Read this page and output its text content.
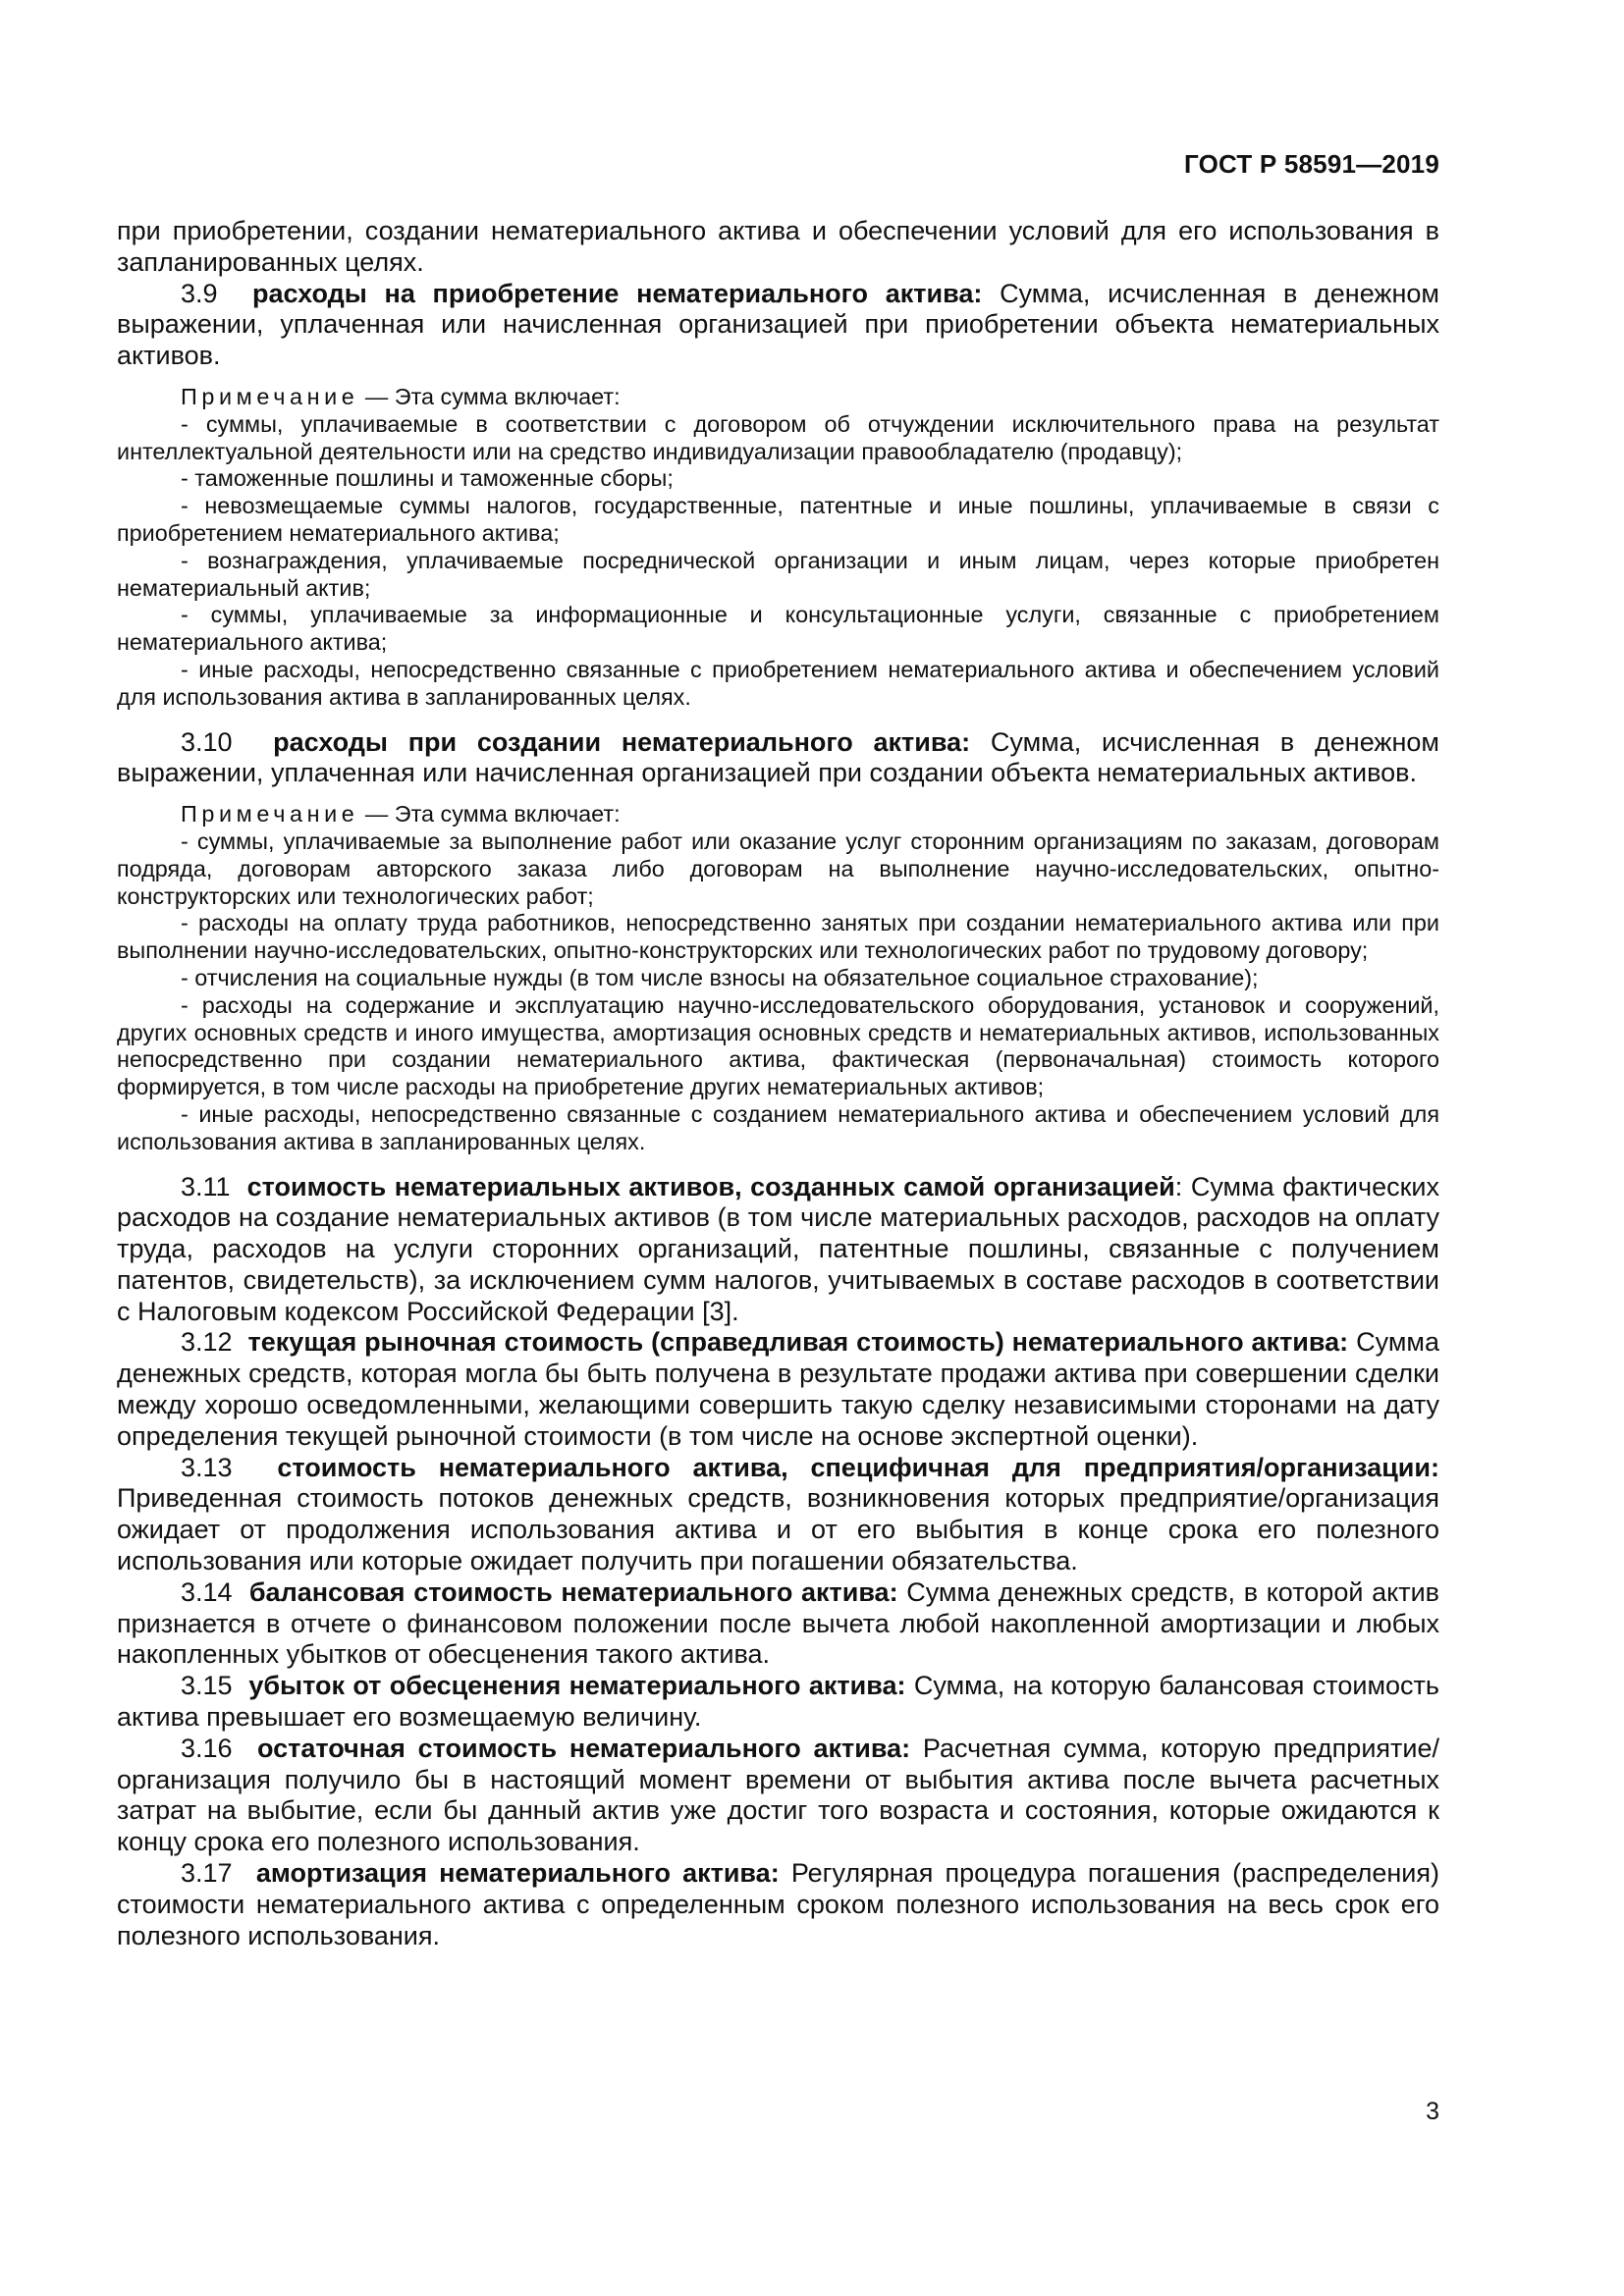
ГОСТ Р 58591—2019

при приобретении, создании нематериального актива и обеспечении условий для его использования в запланированных целях.

3.9 расходы на приобретение нематериального актива: Сумма, исчисленная в денежном выражении, уплаченная или начисленная организацией при приобретении объекта нематериальных активов.

Примечание — Эта сумма включает:
- суммы, уплачиваемые в соответствии с договором об отчуждении исключительного права на результат интеллектуальной деятельности или на средство индивидуализации правообладателю (продавцу);
- таможенные пошлины и таможенные сборы;
- невозмещаемые суммы налогов, государственные, патентные и иные пошлины, уплачиваемые в связи с приобретением нематериального актива;
- вознаграждения, уплачиваемые посреднической организации и иным лицам, через которые приобретен нематериальный актив;
- суммы, уплачиваемые за информационные и консультационные услуги, связанные с приобретением нематериального актива;
- иные расходы, непосредственно связанные с приобретением нематериального актива и обеспечением условий для использования актива в запланированных целях.

3.10 расходы при создании нематериального актива: Сумма, исчисленная в денежном выражении, уплаченная или начисленная организацией при создании объекта нематериальных активов.

Примечание — Эта сумма включает:
- суммы, уплачиваемые за выполнение работ или оказание услуг сторонним организациям по заказам, договорам подряда, договорам авторского заказа либо договорам на выполнение научно-исследовательских, опытно-конструкторских или технологических работ;
- расходы на оплату труда работников, непосредственно занятых при создании нематериального актива или при выполнении научно-исследовательских, опытно-конструкторских или технологических работ по трудовому договору;
- отчисления на социальные нужды (в том числе взносы на обязательное социальное страхование);
- расходы на содержание и эксплуатацию научно-исследовательского оборудования, установок и сооружений, других основных средств и иного имущества, амортизация основных средств и нематериальных активов, использованных непосредственно при создании нематериального актива, фактическая (первоначальная) стоимость которого формируется, в том числе расходы на приобретение других нематериальных активов;
- иные расходы, непосредственно связанные с созданием нематериального актива и обеспечением условий для использования актива в запланированных целях.

3.11 стоимость нематериальных активов, созданных самой организацией: Сумма фактических расходов на создание нематериальных активов (в том числе материальных расходов, расходов на оплату труда, расходов на услуги сторонних организаций, патентные пошлины, связанные с получением патентов, свидетельств), за исключением сумм налогов, учитываемых в составе расходов в соответствии с Налоговым кодексом Российской Федерации [3].

3.12 текущая рыночная стоимость (справедливая стоимость) нематериального актива: Сумма денежных средств, которая могла бы быть получена в результате продажи актива при совершении сделки между хорошо осведомленными, желающими совершить такую сделку независимыми сторонами на дату определения текущей рыночной стоимости (в том числе на основе экспертной оценки).

3.13 стоимость нематериального актива, специфичная для предприятия/организации: Приведенная стоимость потоков денежных средств, возникновения которых предприятие/организация ожидает от продолжения использования актива и от его выбытия в конце срока его полезного использования или которые ожидает получить при погашении обязательства.

3.14 балансовая стоимость нематериального актива: Сумма денежных средств, в которой актив признается в отчете о финансовом положении после вычета любой накопленной амортизации и любых накопленных убытков от обесценения такого актива.

3.15 убыток от обесценения нематериального актива: Сумма, на которую балансовая стоимость актива превышает его возмещаемую величину.

3.16 остаточная стоимость нематериального актива: Расчетная сумма, которую предприятие/ организация получило бы в настоящий момент времени от выбытия актива после вычета расчетных затрат на выбытие, если бы данный актив уже достиг того возраста и состояния, которые ожидаются к концу срока его полезного использования.

3.17 амортизация нематериального актива: Регулярная процедура погашения (распределения) стоимости нематериального актива с определенным сроком полезного использования на весь срок его полезного использования.

3
